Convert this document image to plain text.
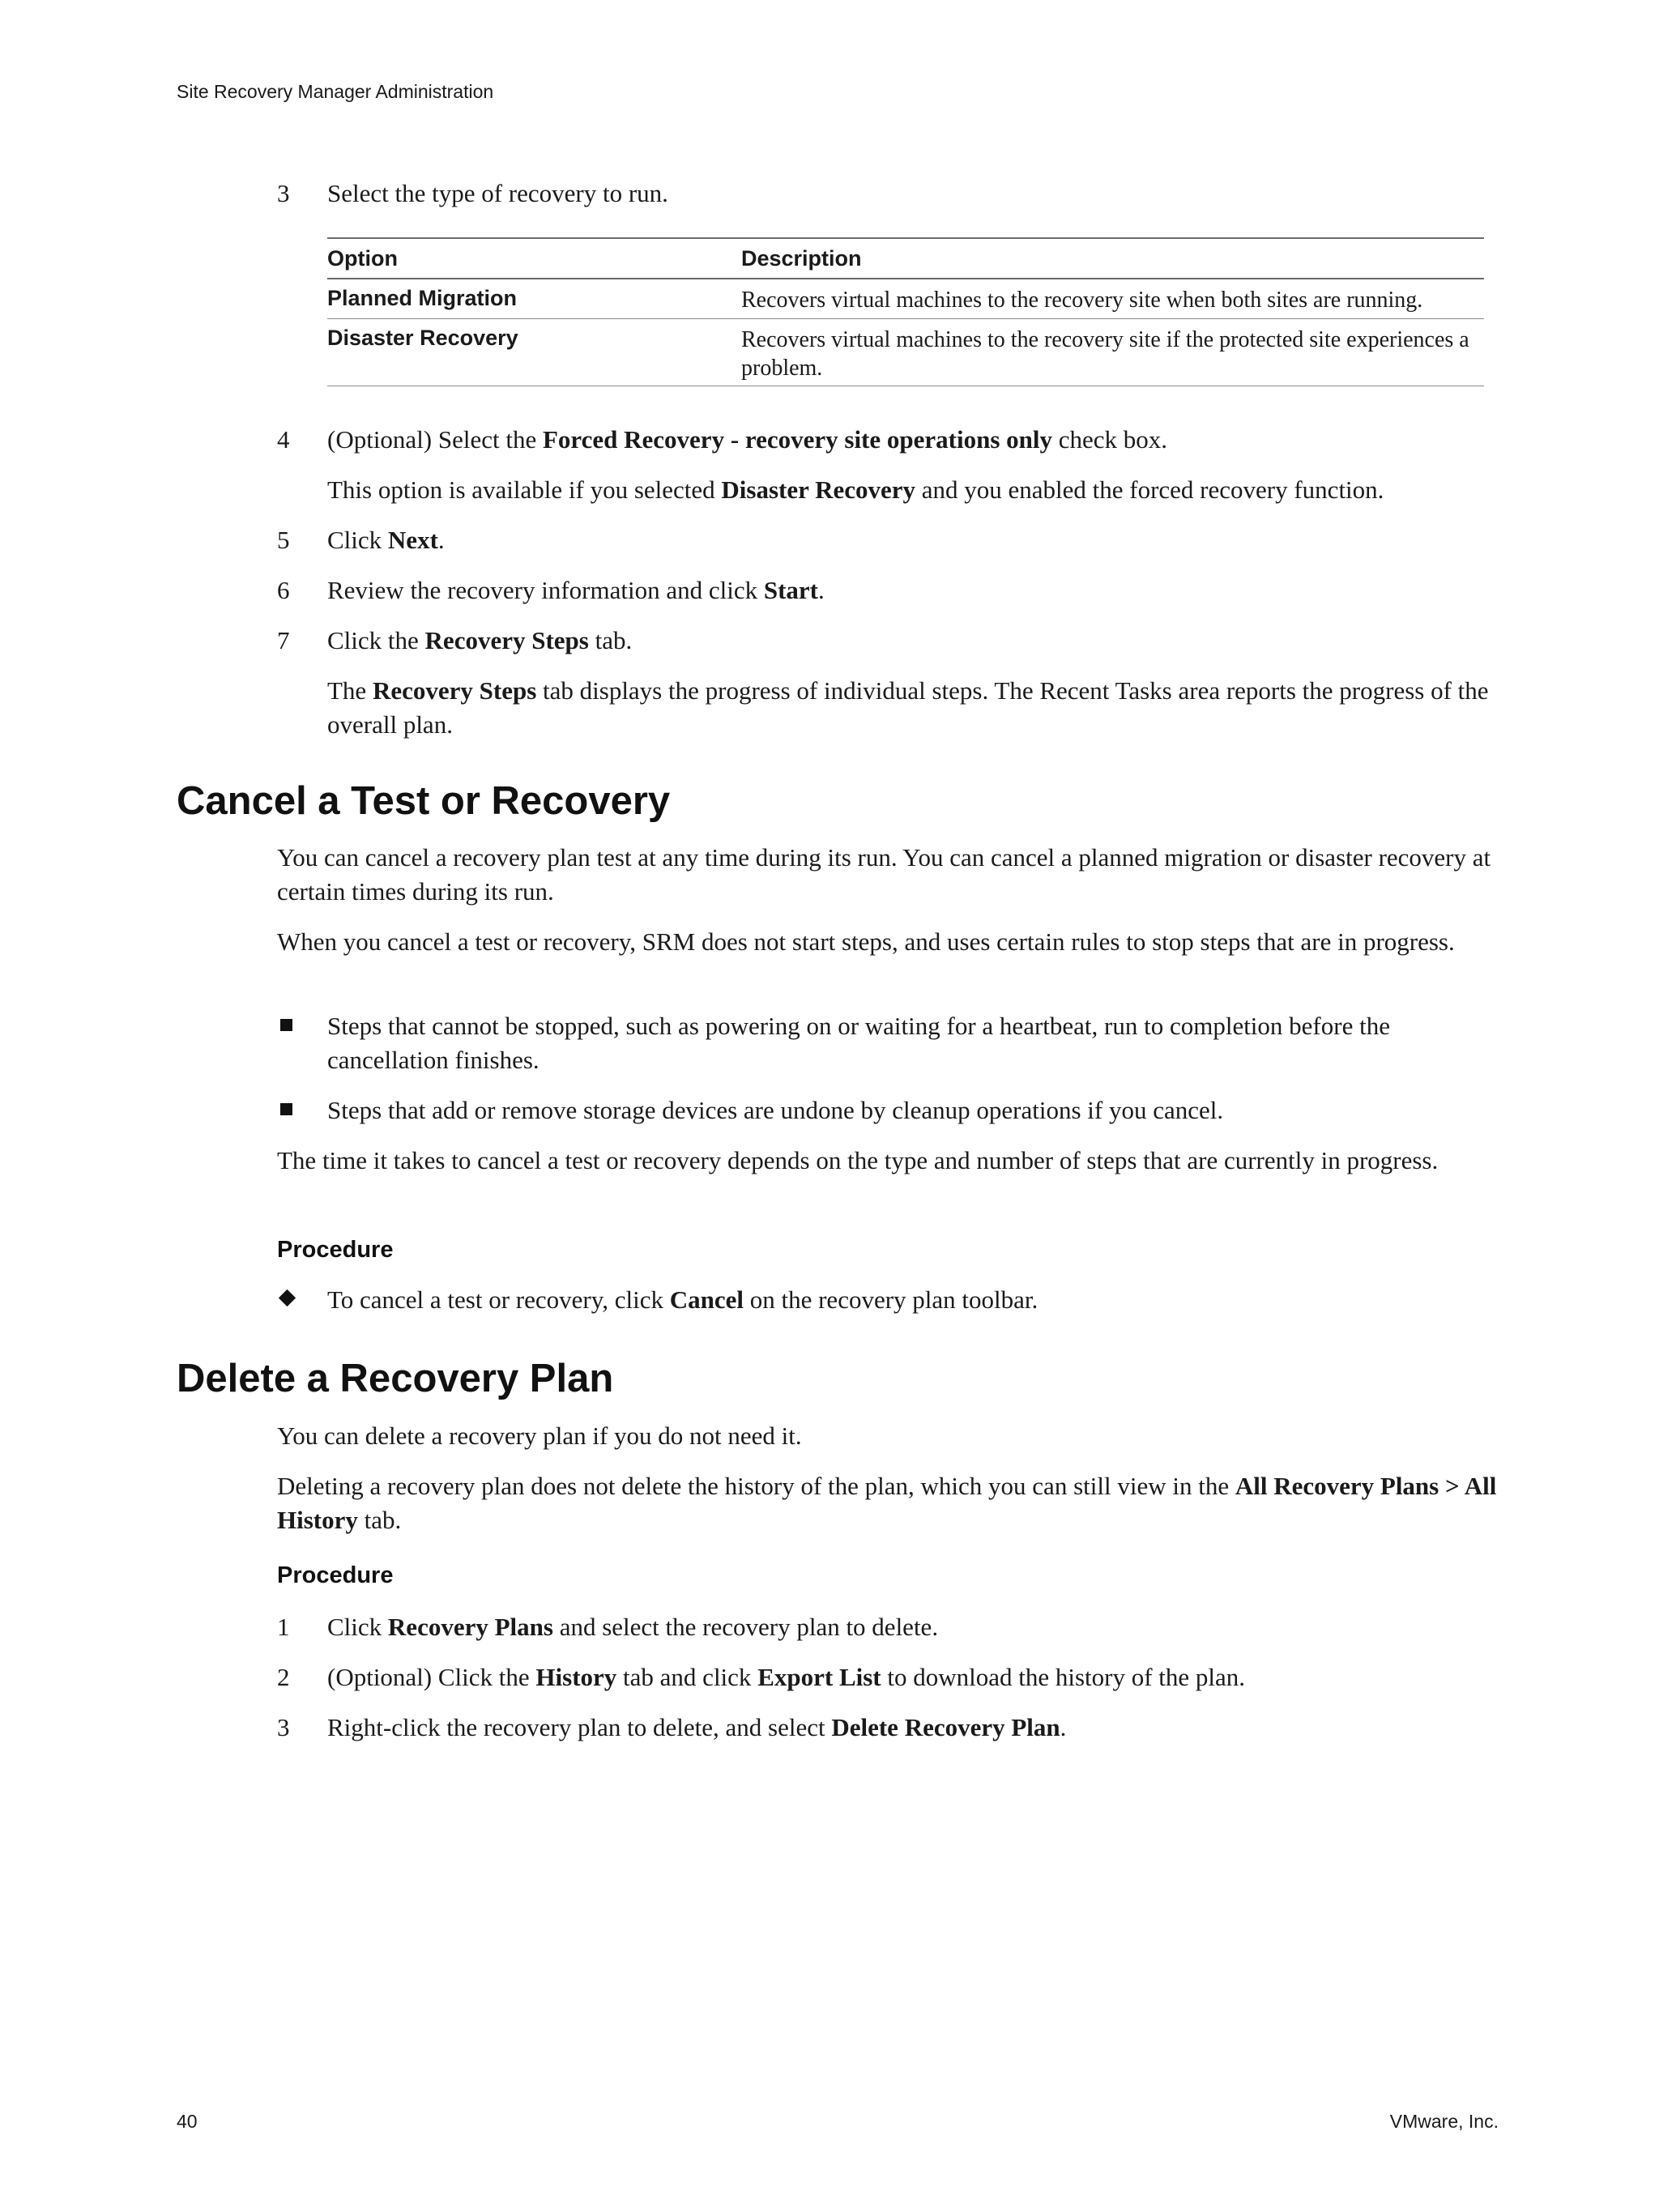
Site Recovery Manager Administration
3	Select the type of recovery to run.
Option	Description
Planned Migration	Recovers virtual machines to the recovery site when both sites are running.
Disaster Recovery	Recovers virtual machines to the recovery site if the protected site experiences a problem.
4	(Optional) Select the Forced Recovery - recovery site operations only check box.
This option is available if you selected Disaster Recovery and you enabled the forced recovery function.
5	Click Next.
6	Review the recovery information and click Start.
7	Click the Recovery Steps tab.
The Recovery Steps tab displays the progress of individual steps. The Recent Tasks area reports the progress of the overall plan.
Cancel a Test or Recovery
You can cancel a recovery plan test at any time during its run. You can cancel a planned migration or disaster recovery at certain times during its run.
When you cancel a test or recovery, SRM does not start steps, and uses certain rules to stop steps that are in progress.
Steps that cannot be stopped, such as powering on or waiting for a heartbeat, run to completion before the cancellation finishes.
Steps that add or remove storage devices are undone by cleanup operations if you cancel.
The time it takes to cancel a test or recovery depends on the type and number of steps that are currently in progress.
Procedure
To cancel a test or recovery, click Cancel on the recovery plan toolbar.
Delete a Recovery Plan
You can delete a recovery plan if you do not need it.
Deleting a recovery plan does not delete the history of the plan, which you can still view in the All Recovery Plans > All History tab.
Procedure
1	Click Recovery Plans and select the recovery plan to delete.
2	(Optional) Click the History tab and click Export List to download the history of the plan.
3	Right-click the recovery plan to delete, and select Delete Recovery Plan.
40	VMware, Inc.
